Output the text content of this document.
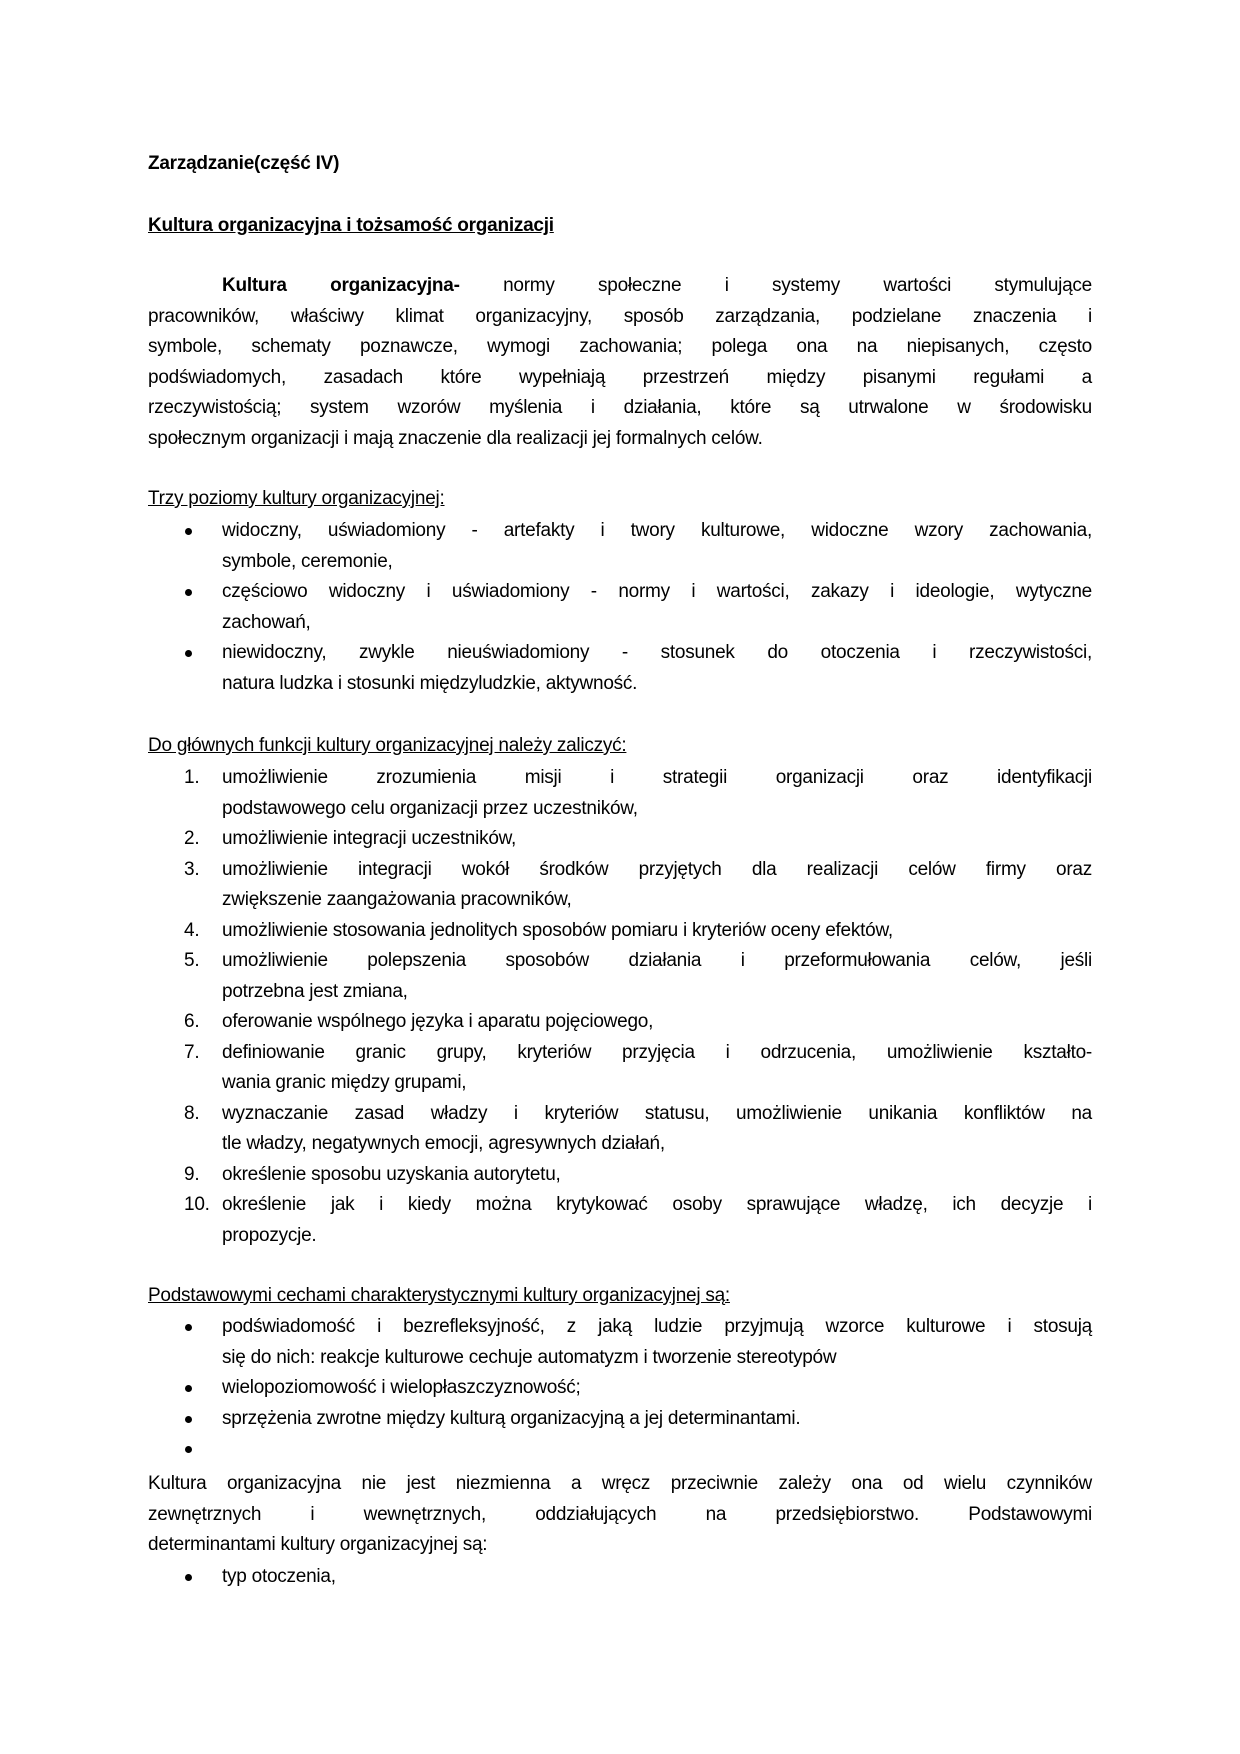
Zarządzanie(część IV)
Kultura organizacyjna i tożsamość organizacji
Kultura organizacyjna- normy społeczne i systemy wartości stymulujące
pracowników, właściwy klimat organizacyjny, sposób zarządzania, podzielane znaczenia i
symbole, schematy poznawcze, wymogi zachowania; polega ona na niepisanych, często
podświadomych, zasadach które wypełniają przestrzeń między pisanymi regułami a
rzeczywistością; system wzorów myślenia i działania, które są utrwalone w środowisku
społecznym organizacji i mają znaczenie dla realizacji jej formalnych celów.
Trzy poziomy kultury organizacyjnej:
widoczny, uświadomiony - artefakty i twory kulturowe, widoczne wzory zachowania,
symbole, ceremonie,
częściowo widoczny i uświadomiony - normy i wartości, zakazy i ideologie, wytyczne
zachowań,
niewidoczny, zwykle nieuświadomiony - stosunek do otoczenia i rzeczywistości,
natura ludzka i stosunki międzyludzkie, aktywność.
Do głównych funkcji kultury organizacyjnej należy zaliczyć:
1.	umożliwienie zrozumienia misji i strategii organizacji oraz identyfikacji
podstawowego celu organizacji przez uczestników,
2.	umożliwienie integracji uczestników,
3.	umożliwienie integracji wokół środków przyjętych dla realizacji celów firmy oraz
zwiększenie zaangażowania pracowników,
4.	umożliwienie stosowania jednolitych sposobów pomiaru i kryteriów oceny efektów,
5.	umożliwienie polepszenia sposobów działania i przeformułowania celów, jeśli
potrzebna jest zmiana,
6.	oferowanie wspólnego języka i aparatu pojęciowego,
7.	definiowanie granic grupy, kryteriów przyjęcia i odrzucenia, umożliwienie kształto-
wania granic między grupami,
8.	wyznaczanie zasad władzy i kryteriów statusu, umożliwienie unikania konfliktów na
tle władzy, negatywnych emocji, agresywnych działań,
9.	określenie sposobu uzyskania autorytetu,
10. określenie jak i kiedy można krytykować osoby sprawujące władzę, ich decyzje i
propozycje.
Podstawowymi cechami charakterystycznymi kultury organizacyjnej są:
podświadomość i bezrefleksyjność, z jaką ludzie przyjmują wzorce kulturowe i stosują
się do nich: reakcje kulturowe cechuje automatyzm i tworzenie stereotypów
wielopoziomowość i wielopłaszczyznowość;
sprzężenia zwrotne między kulturą organizacyjną a jej determinantami.
Kultura organizacyjna nie jest niezmienna a wręcz przeciwnie zależy ona od wielu czynników
zewnętrznych i wewnętrznych, oddziałujących na przedsiębiorstwo. Podstawowymi
determinantami kultury organizacyjnej są:
typ otoczenia,
